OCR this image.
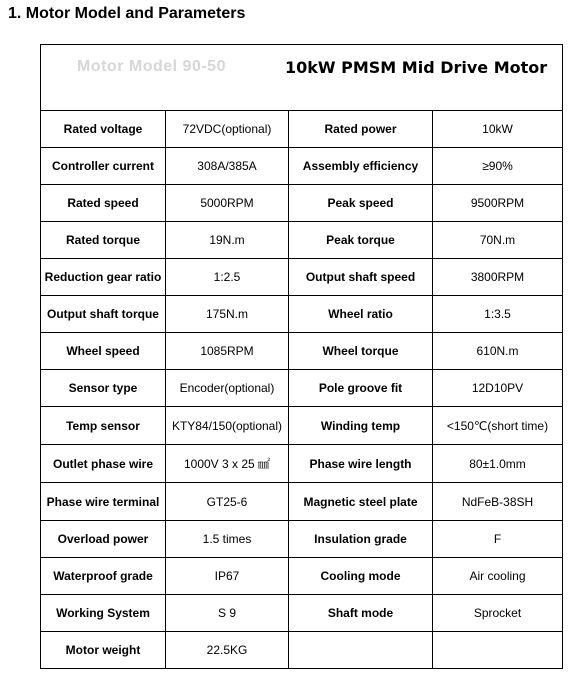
1. Motor Model and Parameters
Motor Model 90-50 10kW PMSM Mid Drive Motor			

Rated voltage	72VDC(optional)	Rated power	10kW
Controller current	308A/385A	Assembly efficiency	≥90%
Rated speed	5000RPM	Peak speed	9500RPM
Rated torque	19N.m	Peak torque	70N.m
Reduction gear ratio	1:2.5	Output shaft speed	3800RPM
Output shaft torque	175N.m	Wheel ratio	1:3.5
Wheel speed	1085RPM	Wheel torque	610N.m
Sensor type	Encoder(optional)	Pole groove fit	12D10PV
Temp sensor	KTY84/150(optional)	Winding temp	<150℃(short time)
Outlet phase wire	1000V 3 x 25 ㎟	Phase wire length	80±1.0mm
Phase wire terminal	GT25-6	Magnetic steel plate	NdFeB-38SH
Overload power	1.5 times	Insulation grade	F
Waterproof grade	IP67	Cooling mode	Air cooling
Working System	S 9	Shaft mode	Sprocket
Motor weight	22.5KG		
